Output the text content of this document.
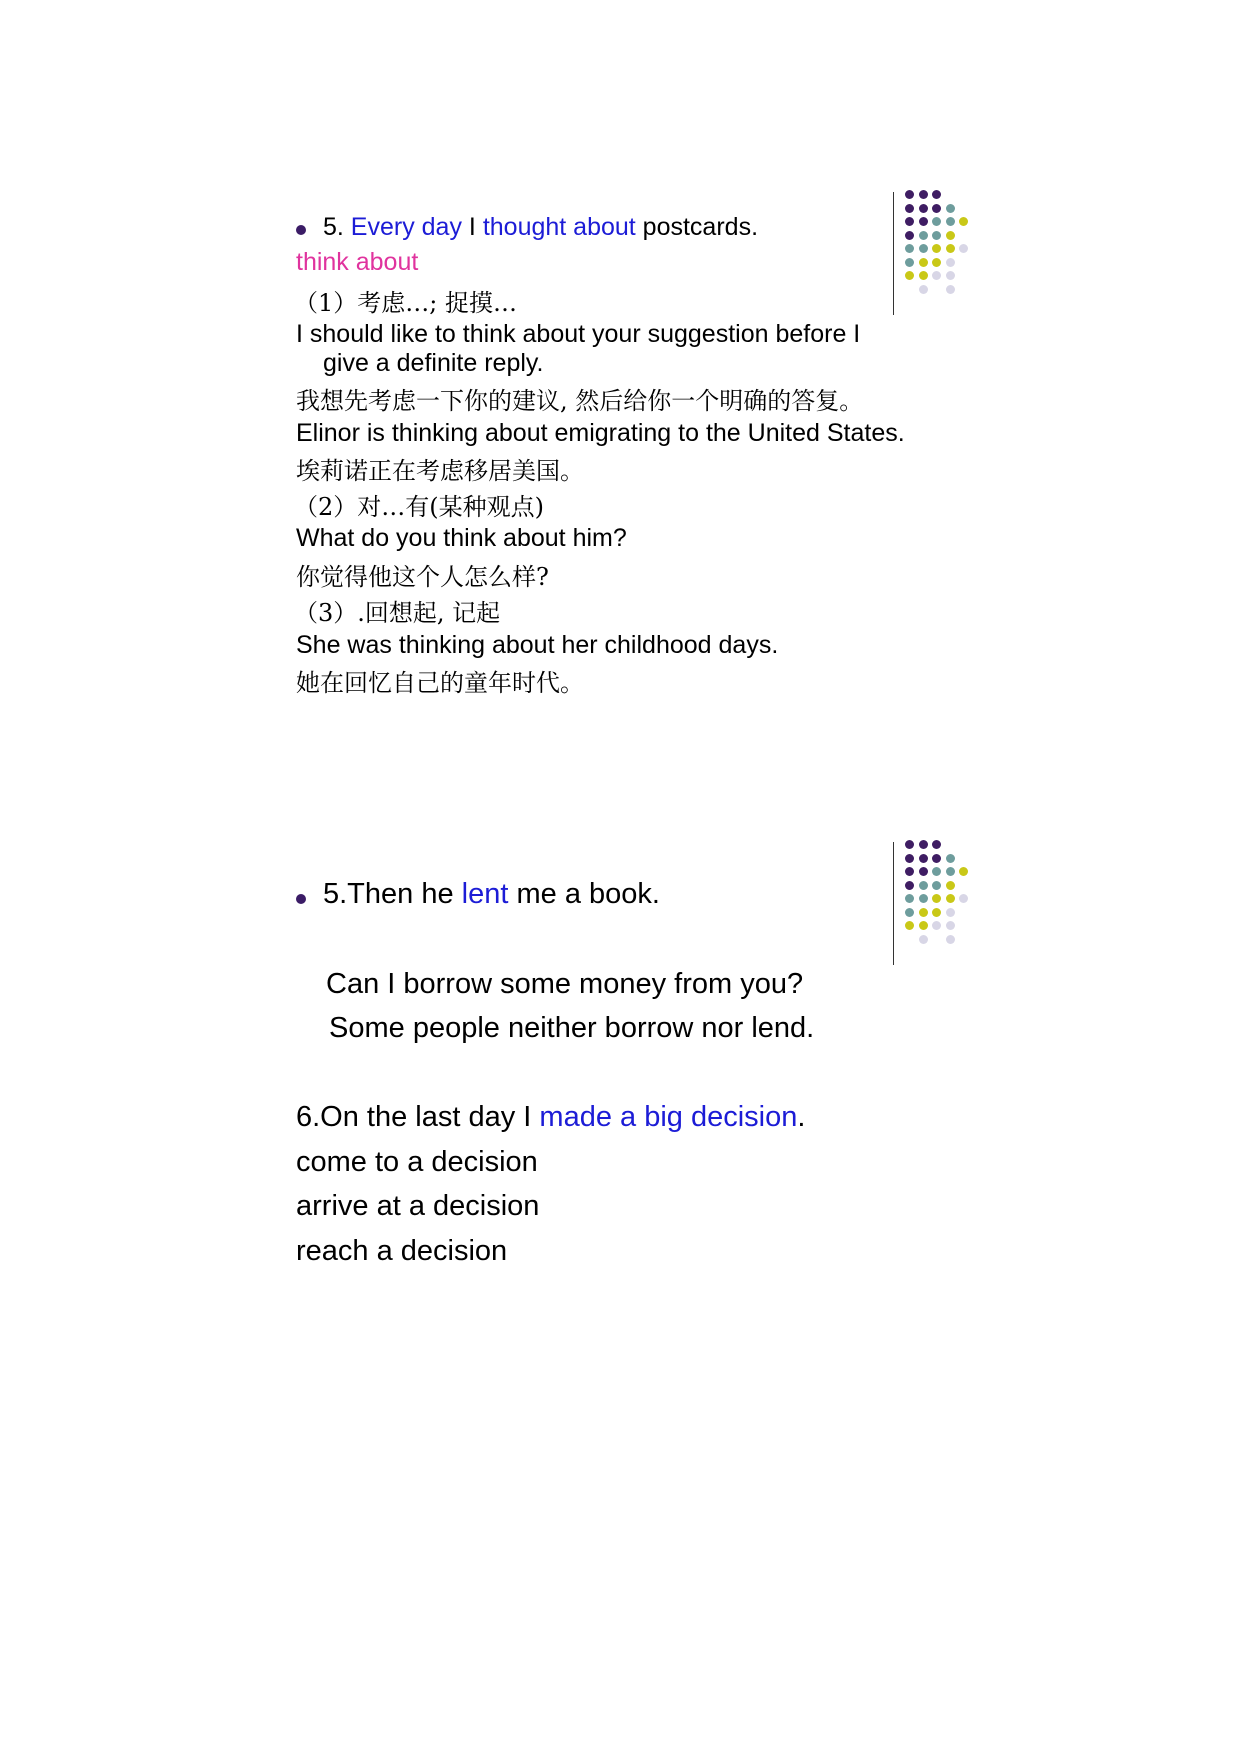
5. Every day I thought about postcards.
think about
（1）考虑…; 捉摸…
I should like to think about your suggestion before I
give a definite reply.
我想先考虑一下你的建议, 然后给你一个明确的答复。
Elinor is thinking about emigrating to the United States.
埃莉诺正在考虑移居美国。
（2）对…有(某种观点)
What do you think about him?
你觉得他这个人怎么样?
（3）.回想起, 记起
She was thinking about her childhood days.
她在回忆自己的童年时代。
5.Then he lent me a book.
Can I borrow some money from you?
Some people neither borrow nor lend.
6.On the last day I made a big decision.
come to a decision
arrive at a decision
reach a decision
